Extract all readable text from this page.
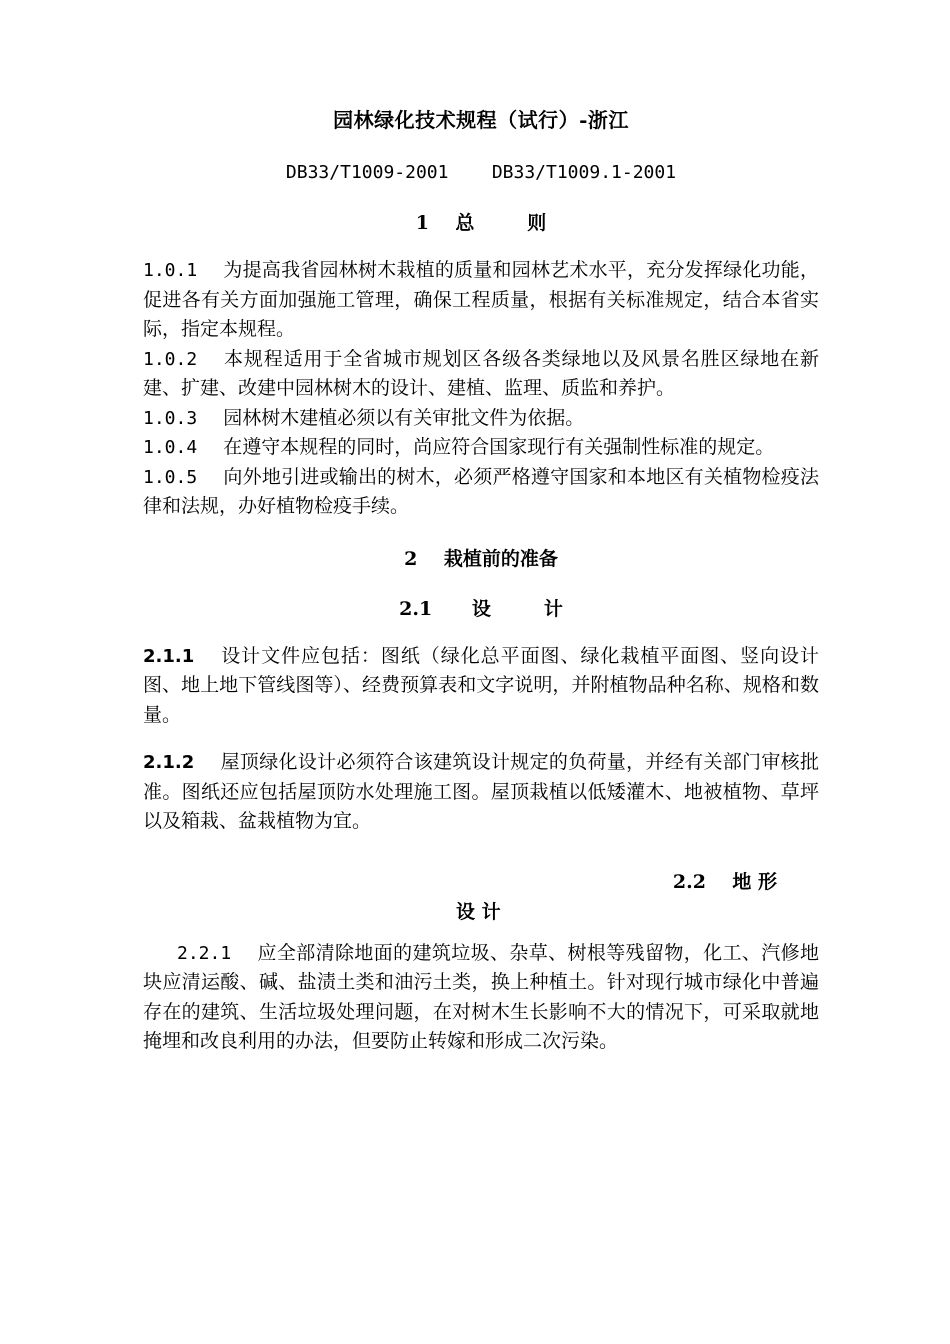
园林绿化技术规程（试行）-浙江
DB33/T1009-2001    DB33/T1009.1-2001
1    总        则

1.0.1 为提高我省园林树木栽植的质量和园林艺术水平，充分发挥绿化功能，促进各有关方面加强施工管理，确保工程质量，根据有关标准规定，结合本省实际，指定本规程。

1.0.2 本规程适用于全省城市规划区各级各类绿地以及风景名胜区绿地在新建、扩建、改建中园林树木的设计、建植、监理、质监和养护。

1.0.3 园林树木建植必须以有关审批文件为依据。

1.0.4 在遵守本规程的同时，尚应符合国家现行有关强制性标准的规定。

1.0.5 向外地引进或输出的树木，必须严格遵守国家和本地区有关植物检疫法律和法规，办好植物检疫手续。

2    栽植前的准备
2.1      设        计

2.1.1 设计文件应包括：图纸（绿化总平面图、绿化栽植平面图、竖向设计图、地上地下管线图等）、经费预算表和文字说明，并附植物品种名称、规格和数量。

2.1.2 屋顶绿化设计必须符合该建筑设计规定的负荷量，并经有关部门审核批准。图纸还应包括屋顶防水处理施工图。屋顶栽植以低矮灌木、地被植物、草坪以及箱栽、盆栽植物为宜。

2.2    地 形
设 计

2.2.1 应全部清除地面的建筑垃圾、杂草、树根等残留物，化工、汽修地块应清运酸、碱、盐渍土类和油污土类，换上种植土。针对现行城市绿化中普遍存在的建筑、生活垃圾处理问题，在对树木生长影响不大的情况下，可采取就地掩埋和改良利用的办法，但要防止转嫁和形成二次污染。
